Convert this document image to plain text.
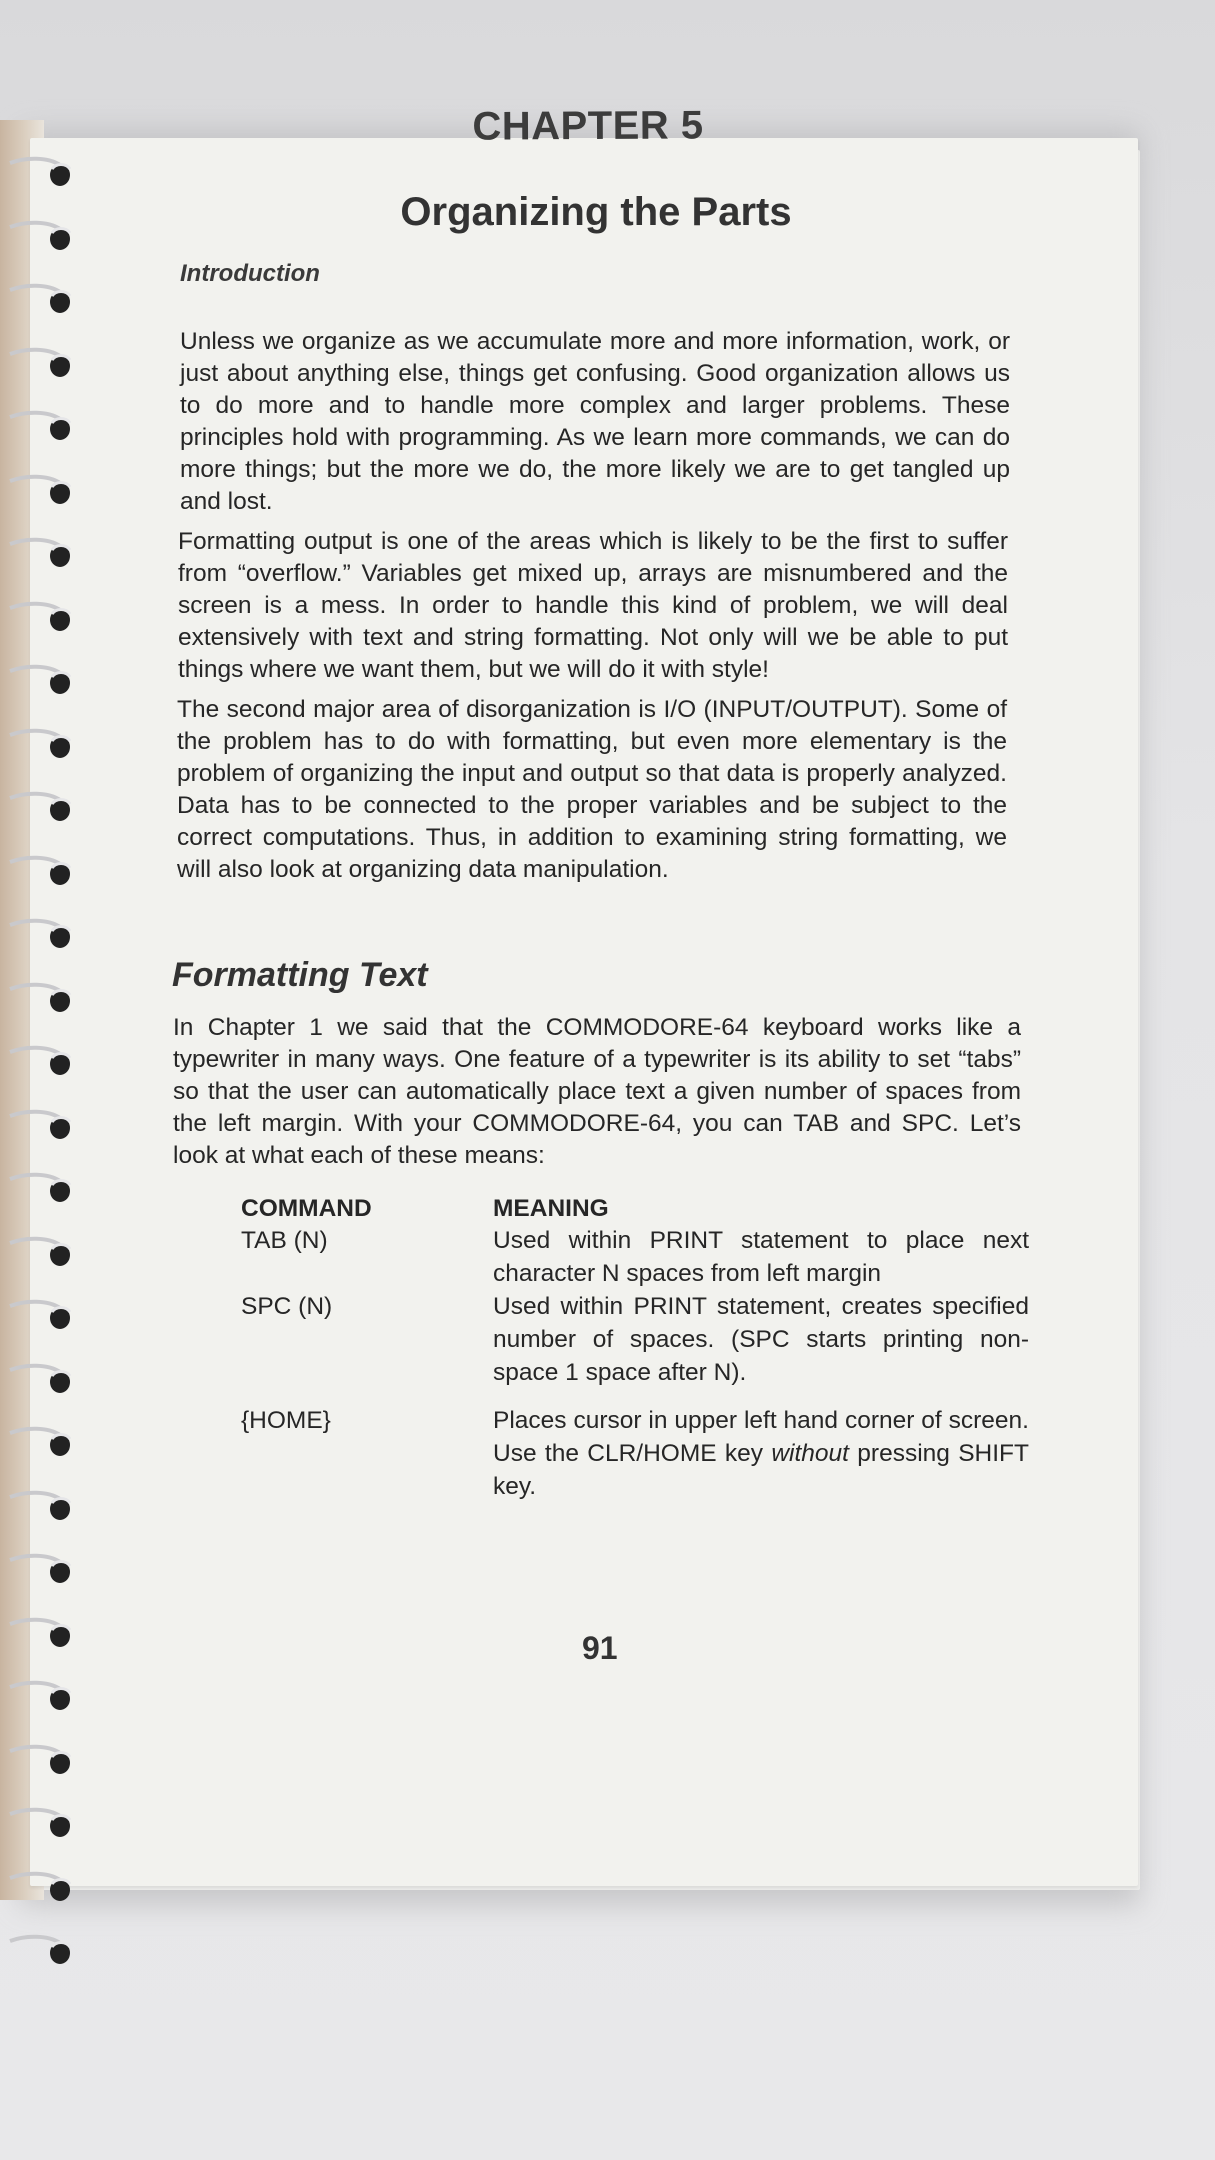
CHAPTER 5
Organizing the Parts
Introduction
Unless we organize as we accumulate more and more information, work, or just about anything else, things get confusing. Good organization allows us to do more and to handle more complex and larger problems. These principles hold with programming. As we learn more commands, we can do more things; but the more we do, the more likely we are to get tangled up and lost.
Formatting output is one of the areas which is likely to be the first to suffer from “overflow.” Variables get mixed up, arrays are misnumbered and the screen is a mess. In order to handle this kind of problem, we will deal extensively with text and string formatting. Not only will we be able to put things where we want them, but we will do it with style!
The second major area of disorganization is I/O (INPUT/OUTPUT). Some of the problem has to do with formatting, but even more elementary is the problem of organizing the input and output so that data is properly analyzed. Data has to be connected to the proper variables and be subject to the correct computations. Thus, in addition to examining string formatting, we will also look at organizing data manipulation.
Formatting Text
In Chapter 1 we said that the COMMODORE-64 keyboard works like a typewriter in many ways. One feature of a typewriter is its ability to set “tabs” so that the user can automatically place text a given number of spaces from the left margin. With your COMMODORE-64, you can TAB and SPC. Let’s look at what each of these means:
COMMAND	MEANING
TAB (N)	Used within PRINT statement to place next character N spaces from left margin
SPC (N)	Used within PRINT statement, creates specified number of spaces. (SPC starts printing non-space 1 space after N).
{HOME}	Places cursor in upper left hand corner of screen. Use the CLR/HOME key without pressing SHIFT key.
91
